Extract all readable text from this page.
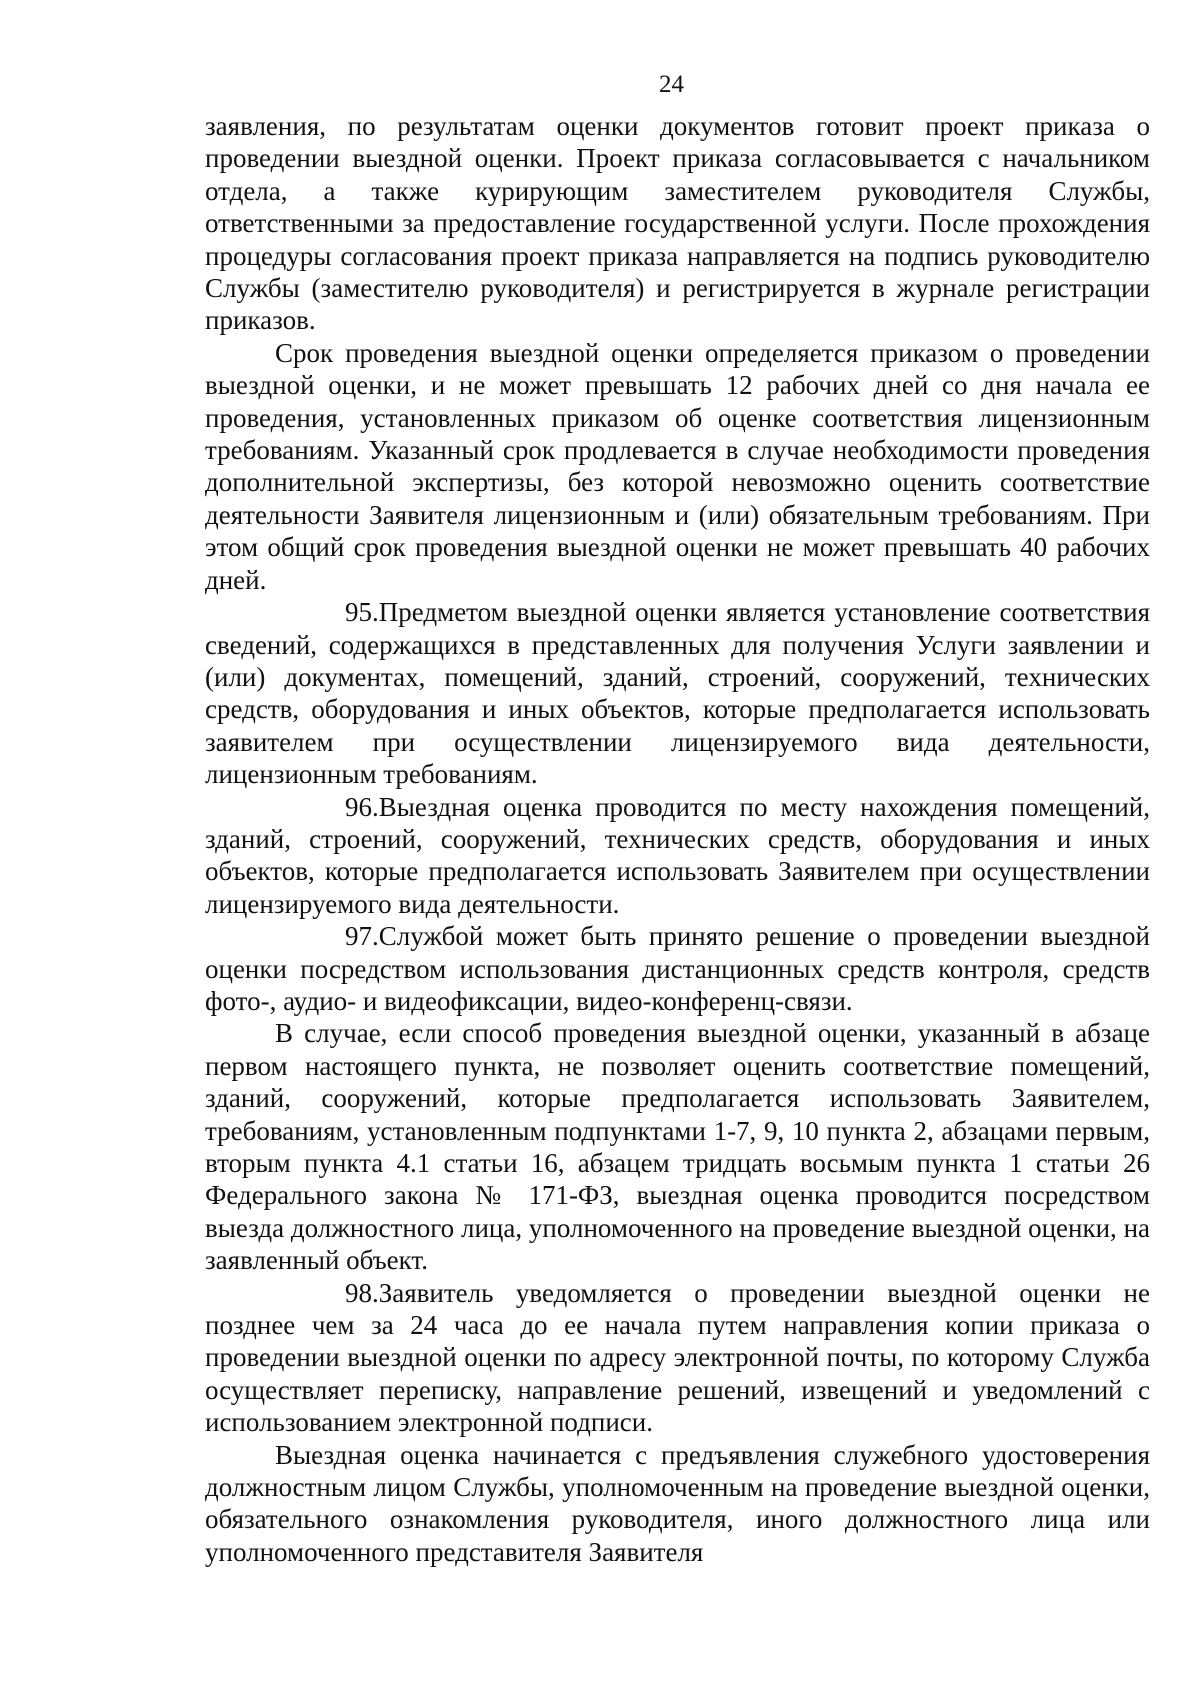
24

заявления, по результатам оценки документов готовит проект приказа о проведении выездной оценки. Проект приказа согласовывается с начальником отдела, а также курирующим заместителем руководителя Службы, ответственными за предоставление государственной услуги. После прохождения процедуры согласования проект приказа направляется на подпись руководителю Службы (заместителю руководителя) и регистрируется в журнале регистрации приказов.

Срок проведения выездной оценки определяется приказом о проведении выездной оценки, и не может превышать 12 рабочих дней со дня начала ее проведения, установленных приказом об оценке соответствия лицензионным требованиям. Указанный срок продлевается в случае необходимости проведения дополнительной экспертизы, без которой невозможно оценить соответствие деятельности Заявителя лицензионным и (или) обязательным требованиям. При этом общий срок проведения выездной оценки не может превышать 40 рабочих дней.

95.Предметом выездной оценки является установление соответствия сведений, содержащихся в представленных для получения Услуги заявлении и (или) документах, помещений, зданий, строений, сооружений, технических средств, оборудования и иных объектов, которые предполагается использовать заявителем при осуществлении лицензируемого вида деятельности, лицензионным требованиям.

96.Выездная оценка проводится по месту нахождения помещений, зданий, строений, сооружений, технических средств, оборудования и иных объектов, которые предполагается использовать Заявителем при осуществлении лицензируемого вида деятельности.

97.Службой может быть принято решение о проведении выездной оценки посредством использования дистанционных средств контроля, средств фото-, аудио- и видеофиксации, видео-конференц-связи.

В случае, если способ проведения выездной оценки, указанный в абзаце первом настоящего пункта, не позволяет оценить соответствие помещений, зданий, сооружений, которые предполагается использовать Заявителем, требованиям, установленным подпунктами 1-7, 9, 10 пункта 2, абзацами первым, вторым пункта 4.1 статьи 16, абзацем тридцать восьмым пункта 1 статьи 26 Федерального закона № 171-ФЗ, выездная оценка проводится посредством выезда должностного лица, уполномоченного на проведение выездной оценки, на заявленный объект.

98.Заявитель уведомляется о проведении выездной оценки не позднее чем за 24 часа до ее начала путем направления копии приказа о проведении выездной оценки по адресу электронной почты, по которому Служба осуществляет переписку, направление решений, извещений и уведомлений с использованием электронной подписи.

Выездная оценка начинается с предъявления служебного удостоверения должностным лицом Службы, уполномоченным на проведение выездной оценки, обязательного ознакомления руководителя, иного должностного лица или уполномоченного представителя Заявителя
